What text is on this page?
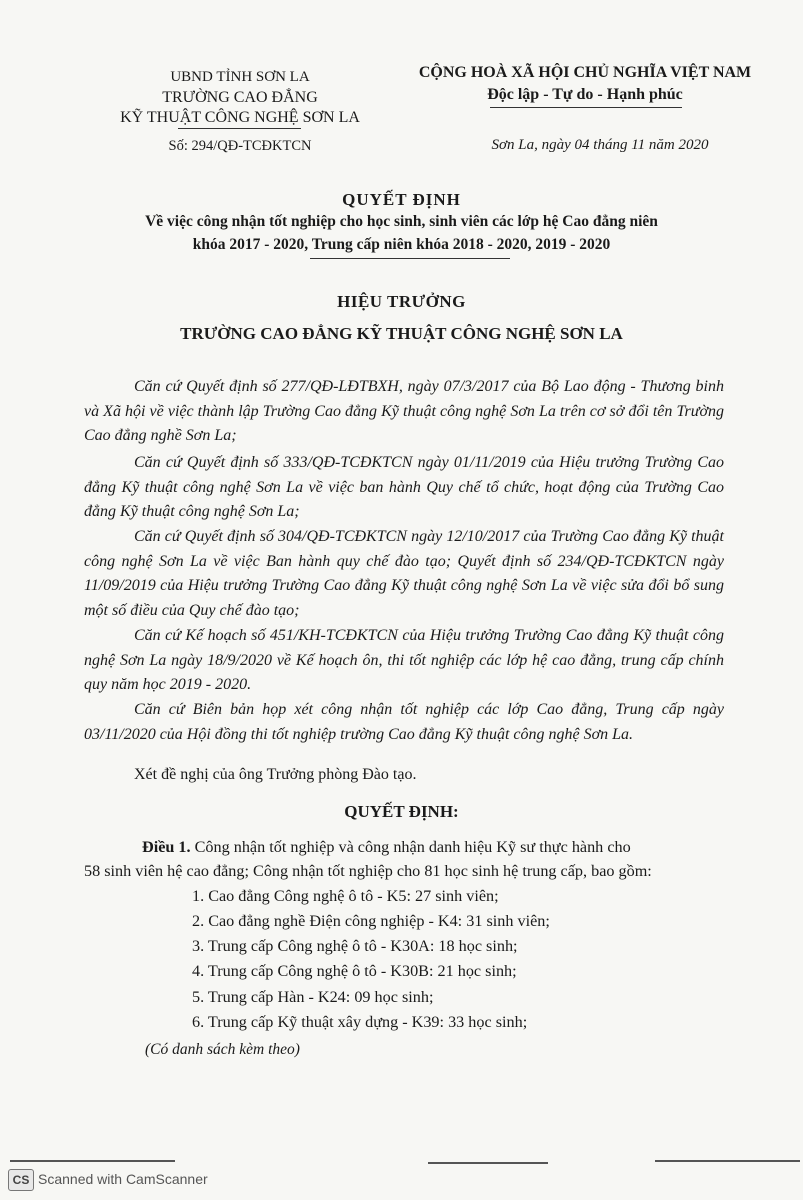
UBND TỈNH SƠN LA
TRƯỜNG CAO ĐẲNG
KỸ THUẬT CÔNG NGHỆ SƠN LA
Số: 294/QĐ-TCĐKTCN
CỘNG HOÀ XÃ HỘI CHỦ NGHĨA VIỆT NAM
Độc lập - Tự do - Hạnh phúc
Sơn La, ngày 04 tháng 11 năm 2020
QUYẾT ĐỊNH
Về việc công nhận tốt nghiệp cho học sinh, sinh viên các lớp hệ Cao đẳng niên
khóa 2017 - 2020, Trung cấp niên khóa 2018 - 2020, 2019 - 2020
HIỆU TRƯỞNG
TRƯỜNG CAO ĐẲNG KỸ THUẬT CÔNG NGHỆ SƠN LA
Căn cứ Quyết định số 277/QĐ-LĐTBXH, ngày 07/3/2017 của Bộ Lao động - Thương binh và Xã hội về việc thành lập Trường Cao đẳng Kỹ thuật công nghệ Sơn La trên cơ sở đổi tên Trường Cao đẳng nghề Sơn La;
Căn cứ Quyết định số 333/QĐ-TCĐKTCN ngày 01/11/2019 của Hiệu trưởng Trường Cao đẳng Kỹ thuật công nghệ Sơn La về việc ban hành Quy chế tổ chức, hoạt động của Trường Cao đẳng Kỹ thuật công nghệ Sơn La;
Căn cứ Quyết định số 304/QĐ-TCĐKTCN ngày 12/10/2017 của Trường Cao đẳng Kỹ thuật công nghệ Sơn La về việc Ban hành quy chế đào tạo; Quyết định số 234/QĐ-TCĐKTCN ngày 11/09/2019 của Hiệu trưởng Trường Cao đẳng Kỹ thuật công nghệ Sơn La về việc sửa đổi bổ sung một số điều của Quy chế đào tạo;
Căn cứ Kế hoạch số 451/KH-TCĐKTCN của Hiệu trưởng Trường Cao đẳng Kỹ thuật công nghệ Sơn La ngày 18/9/2020 về Kế hoạch ôn, thi tốt nghiệp các lớp hệ cao đẳng, trung cấp chính quy năm học 2019 - 2020.
Căn cứ Biên bản họp xét công nhận tốt nghiệp các lớp Cao đẳng, Trung cấp ngày 03/11/2020 của Hội đồng thi tốt nghiệp trường Cao đẳng Kỹ thuật công nghệ Sơn La.
Xét đề nghị của ông Trưởng phòng Đào tạo.
QUYẾT ĐỊNH:
Điều 1. Công nhận tốt nghiệp và công nhận danh hiệu Kỹ sư thực hành cho
58 sinh viên hệ cao đẳng; Công nhận tốt nghiệp cho 81 học sinh hệ trung cấp, bao gồm:
1. Cao đẳng Công nghệ ô tô - K5: 27 sinh viên;
2. Cao đẳng nghề Điện công nghiệp - K4: 31 sinh viên;
3. Trung cấp Công nghệ ô tô - K30A: 18 học sinh;
4. Trung cấp Công nghệ ô tô - K30B: 21 học sinh;
5. Trung cấp Hàn - K24: 09 học sinh;
6. Trung cấp Kỹ thuật xây dựng - K39: 33 học sinh;
(Có danh sách kèm theo)
CS Scanned with CamScanner
